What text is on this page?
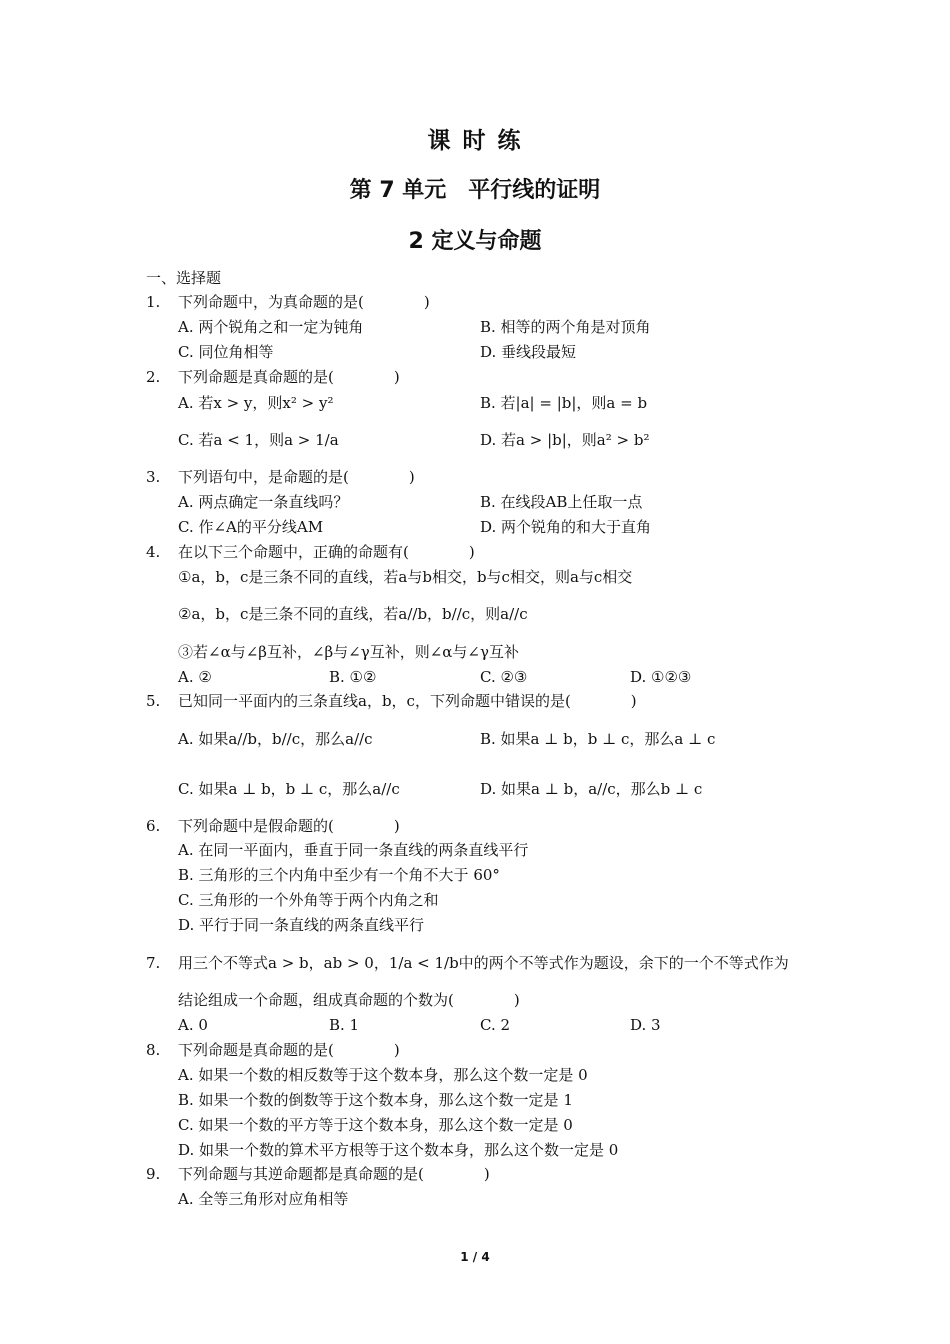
课 时 练
第 7 单元　平行线的证明
2 定义与命题
一、选择题
1. 下列命题中，为真命题的是(　　　　)
A. 两个锐角之和一定为钝角	B. 相等的两个角是对顶角
C. 同位角相等	D. 垂线段最短
2. 下列命题是真命题的是(　　　　)
A. 若x > y，则x² > y²	B. 若|a| = |b|，则a = b
C. 若a < 1，则a > 1/a	D. 若a > |b|，则a² > b²
3. 下列语句中，是命题的是(　　　　)
A. 两点确定一条直线吗？	B. 在线段AB上任取一点
C. 作∠A的平分线AM	D. 两个锐角的和大于直角
4. 在以下三个命题中，正确的命题有(　　　　)
①a，b，c是三条不同的直线，若a与b相交，b与c相交，则a与c相交
②a，b，c是三条不同的直线，若a//b，b//c，则a//c
③若∠α与∠β互补，∠β与∠γ互补，则∠α与∠γ互补
A. ②	B. ①②	C. ②③	D. ①②③
5. 已知同一平面内的三条直线a，b，c，下列命题中错误的是(　　　　)
A. 如果a//b，b//c，那么a//c	B. 如果a ⊥ b，b ⊥ c，那么a ⊥ c
C. 如果a ⊥ b，b ⊥ c，那么a//c	D. 如果a ⊥ b，a//c，那么b ⊥ c
6. 下列命题中是假命题的(　　　　)
A. 在同一平面内，垂直于同一条直线的两条直线平行
B. 三角形的三个内角中至少有一个角不大于 60°
C. 三角形的一个外角等于两个内角之和
D. 平行于同一条直线的两条直线平行
7. 用三个不等式a > b，ab > 0，1/a < 1/b中的两个不等式作为题设，余下的一个不等式作为
结论组成一个命题，组成真命题的个数为(　　　　)
A. 0	B. 1	C. 2	D. 3
8. 下列命题是真命题的是(　　　　)
A. 如果一个数的相反数等于这个数本身，那么这个数一定是 0
B. 如果一个数的倒数等于这个数本身，那么这个数一定是 1
C. 如果一个数的平方等于这个数本身，那么这个数一定是 0
D. 如果一个数的算术平方根等于这个数本身，那么这个数一定是 0
9. 下列命题与其逆命题都是真命题的是(　　　　)
A. 全等三角形对应角相等
1 / 4
